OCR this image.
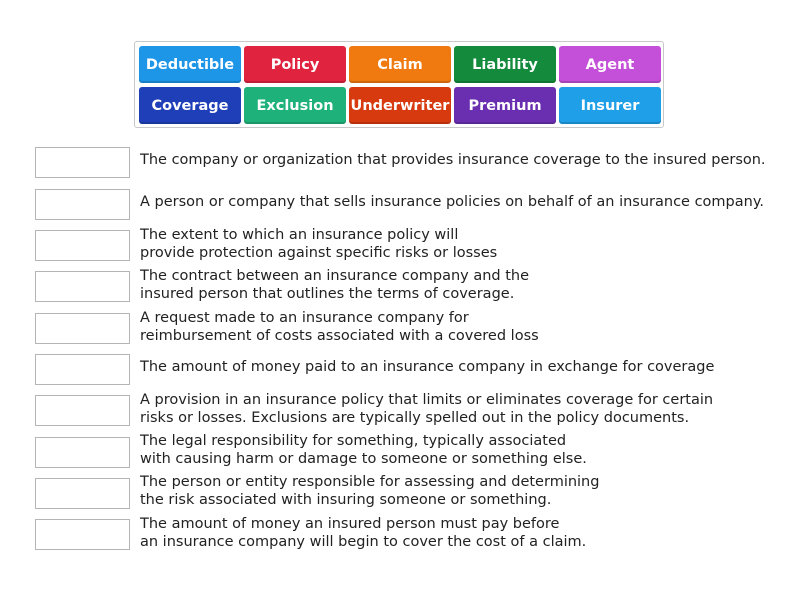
Deductible	Policy	Claim	Liability	Agent
Coverage	Exclusion	Underwriter	Premium	Insurer
The company or organization that provides insurance coverage to the insured person.
A person or company that sells insurance policies on behalf of an insurance company.
The extent to which an insurance policy will
provide protection against specific risks or losses
The contract between an insurance company and the
insured person that outlines the terms of coverage.
A request made to an insurance company for
reimbursement of costs associated with a covered loss
The amount of money paid to an insurance company in exchange for coverage
A provision in an insurance policy that limits or eliminates coverage for certain
risks or losses. Exclusions are typically spelled out in the policy documents.
The legal responsibility for something, typically associated
with causing harm or damage to someone or something else.
The person or entity responsible for assessing and determining
the risk associated with insuring someone or something.
The amount of money an insured person must pay before
an insurance company will begin to cover the cost of a claim.
